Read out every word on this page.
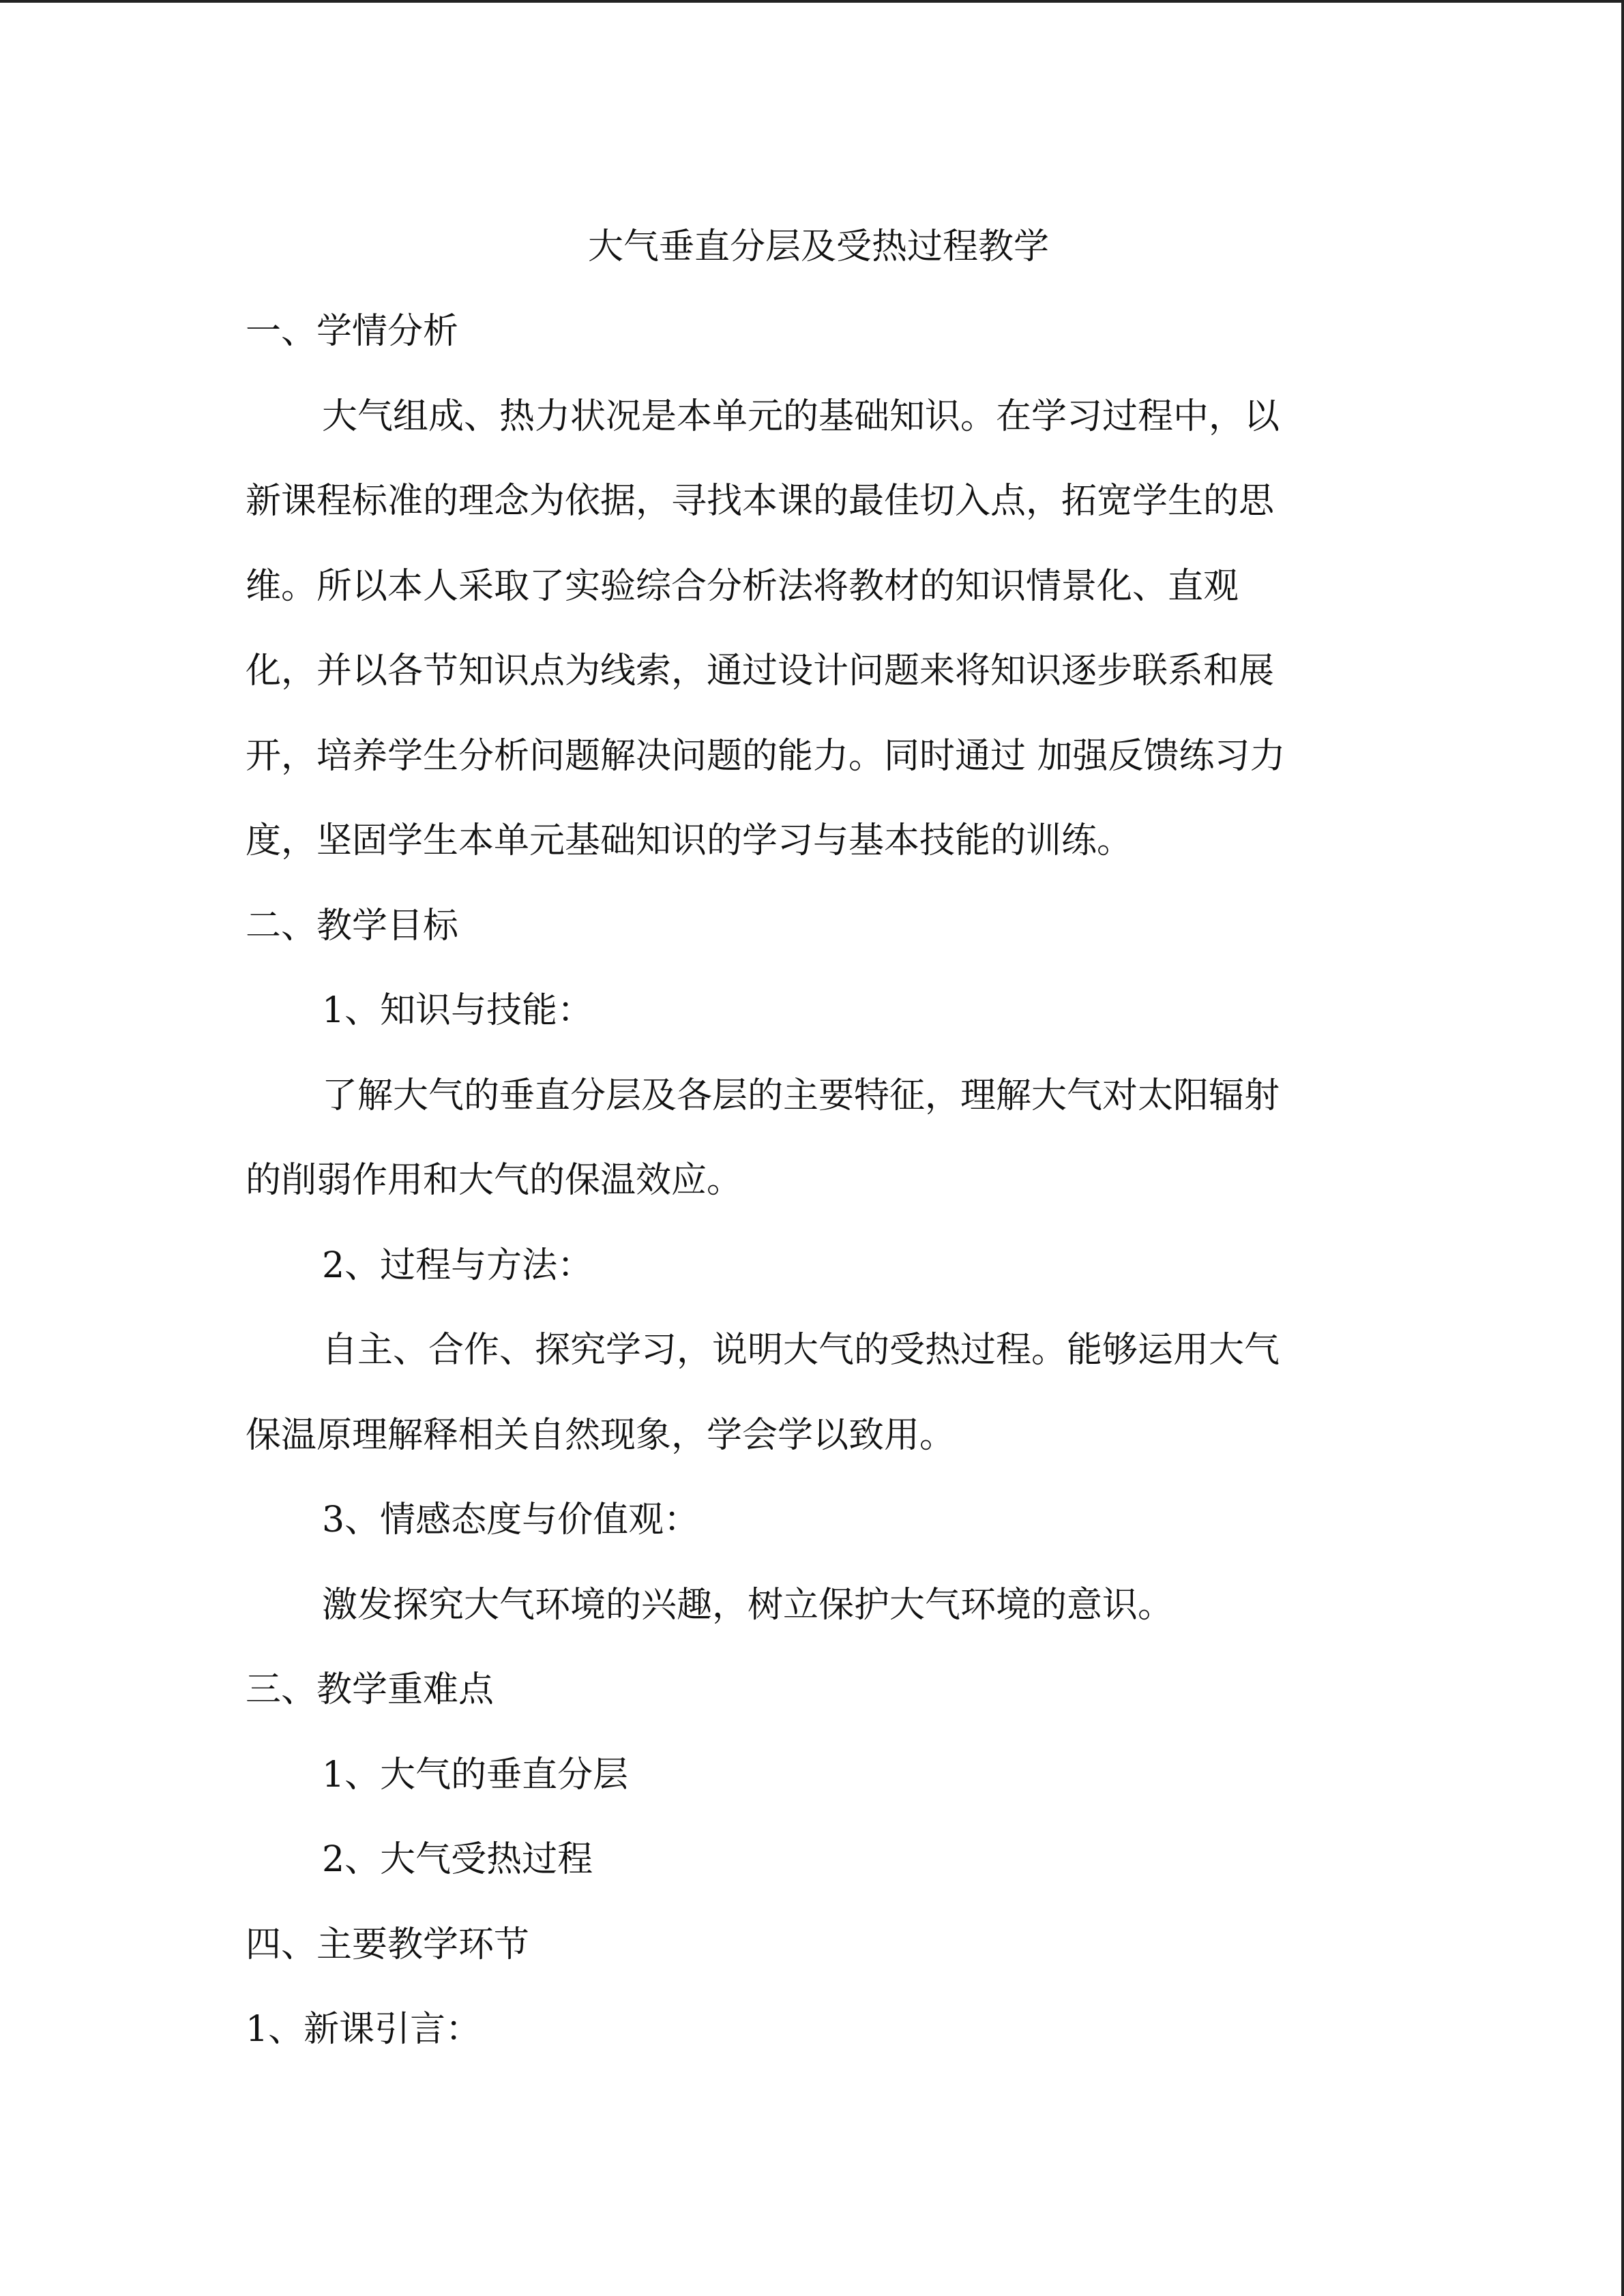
大气垂直分层及受热过程教学

一、学情分析

大气组成、热力状况是本单元的基础知识。在学习过程中，以

新课程标准的理念为依据，寻找本课的最佳切入点，拓宽学生的思

维。所以本人采取了实验综合分析法将教材的知识情景化、直观

化，并以各节知识点为线索，通过设计问题来将知识逐步联系和展

开，培养学生分析问题解决问题的能力。同时通过 加强反馈练习力

度，坚固学生本单元基础知识的学习与基本技能的训练。

二、教学目标

1、知识与技能：

了解大气的垂直分层及各层的主要特征，理解大气对太阳辐射

的削弱作用和大气的保温效应。

2、过程与方法：

自主、合作、探究学习，说明大气的受热过程。能够运用大气

保温原理解释相关自然现象，学会学以致用。

3、情感态度与价值观：

激发探究大气环境的兴趣，树立保护大气环境的意识。

三、教学重难点

1、大气的垂直分层

2、大气受热过程

四、主要教学环节

1、新课引言：
